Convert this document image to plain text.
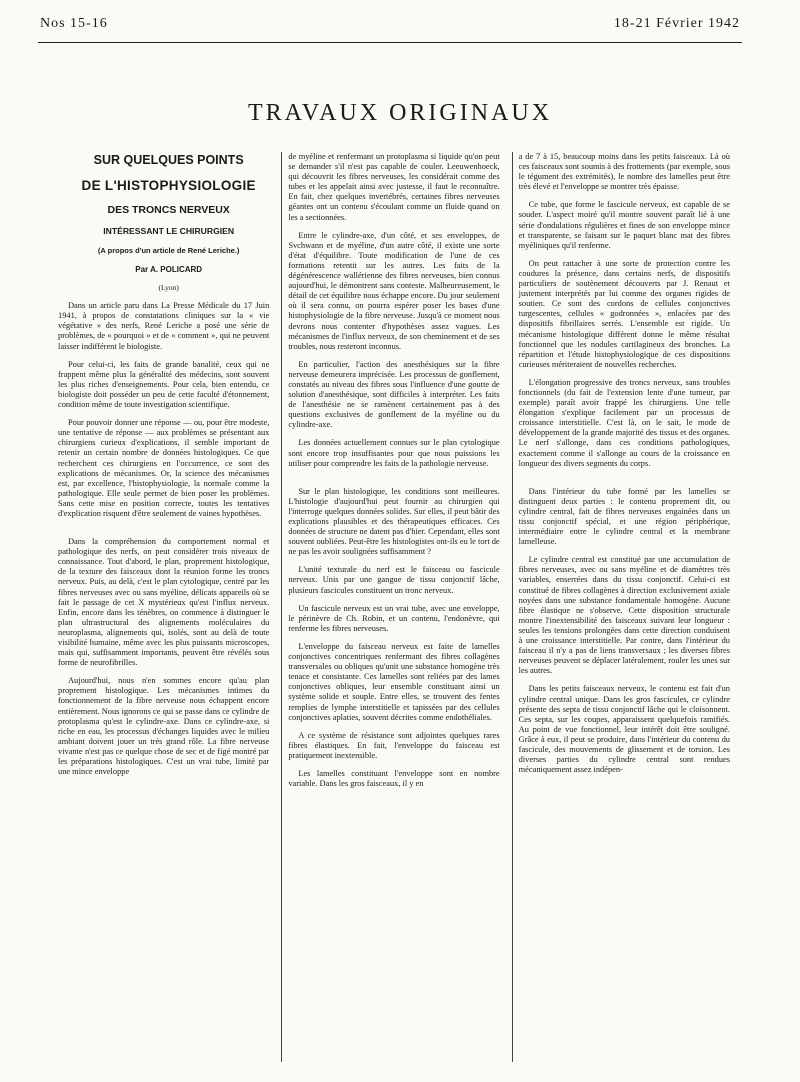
Nos 15-16	18-21 Février 1942
TRAVAUX ORIGINAUX

SUR QUELQUES POINTS

DE L'HISTOPHYSIOLOGIE

DES TRONCS NERVEUX

INTÉRESSANT LE CHIRURGIEN

(A propos d'un article de René Leriche.)

Par A. POLICARD

(Lyon)

Dans un article paru dans La Presse Médicale du 17 Juin 1941, à propos de constatations cliniques sur la « vie végétative » des nerfs, René Leriche a posé une série de problèmes, de « pourquoi » et de « comment », qui ne peuvent laisser indifférent le biologiste.

Pour celui-ci, les faits de grande banalité, ceux qui ne frappent même plus la généralité des médecins, sont souvent les plus riches d'enseignements. Pour cela, bien entendu, ce biologiste doit posséder un peu de cette faculté d'étonnement, condition même de toute investigation scientifique.

Pour pouvoir donner une réponse — ou, pour être modeste, une tentative de réponse — aux problèmes se présentant aux chirurgiens curieux d'explications, il semble important de retenir un certain nombre de données histologiques. Ce que recherchent ces chirurgiens en l'occurrence, ce sont des explications de mécanismes. Or, la science des mécanismes est, par excellence, l'histophysiologie, la normale comme la pathologique. Elle seule permet de bien poser les problèmes. Sans cette mise en position correcte, toutes les tentatives d'explication risquent d'être seulement de vaines hypothèses.

Dans la compréhension du comportement normal et pathologique des nerfs, on peut considérer trois niveaux de connaissance. Tout d'abord, le plan, proprement histologique, de la texture des faisceaux dont la réunion forme les troncs nerveux. Puis, au delà, c'est le plan cytologique, centré par les fibres nerveuses avec ou sans myéline, délicats appareils où se fait le passage de cet X mystérieux qu'est l'influx nerveux. Enfin, encore dans les ténèbres, on commence à distinguer le plan ultrastructural des alignements moléculaires du neuroplasma, alignements qui, isolés, sont au delà de toute visibilité humaine, même avec les plus puissants microscopes, mais qui, suffisamment importants, peuvent être révélés sous forme de neurofibrilles.

Aujourd'hui, nous n'en sommes encore qu'au plan proprement histologique. Les mécanismes intimes du fonctionnement de la fibre nerveuse nous échappent encore entièrement. Nous ignorons ce qui se passe dans ce cylindre de protoplasma qu'est le cylindre-axe. Dans ce cylindre-axe, si riche en eau, les processus d'échanges liquides avec le milieu ambiant doivent jouer un très grand rôle. La fibre nerveuse vivante n'est pas ce quelque chose de sec et de figé montré par les préparations histologiques. C'est un vrai tube, limité par une mince enveloppe

de myéline et renfermant un protoplasma si liquide qu'on peut se demander s'il n'est pas capable de couler. Leeuwenhoeck, qui découvrit les fibres nerveuses, les considérait comme des tubes et les appelait ainsi avec justesse, il faut le reconnaître. En fait, chez quelques invertébrés, certaines fibres nerveuses géantes ont un contenu s'écoulant comme un fluide quand on les a sectionnées.

Entre le cylindre-axe, d'un côté, et ses enveloppes, de Svchwann et de myéline, d'un autre côté, il existe une sorte d'état d'équilibre. Toute modification de l'une de ces formations retentit sur les autres. Les faits de la dégénérescence wallérienne des fibres nerveuses, bien connus aujourd'hui, le démontrent sans conteste. Malheureusement, le détail de cet équilibre nous échappe encore. Du jour seulement où il sera connu, on pourra espérer poser les bases d'une histophysiologie de la fibre nerveuse. Jusqu'à ce moment nous devrons nous contenter d'hypothèses assez vagues. Les mécanismes de l'influx nerveux, de son cheminement et de ses troubles, nous resteront inconnus.

En particulier, l'action des anesthésiques sur la fibre nerveuse demeurera imprécisée. Les processus de gonflement, constatés au niveau des fibres sous l'influence d'une goutte de solution d'anesthésique, sont difficiles à interpréter. Les faits de l'anesthésie ne se ramènent certainement pas à des questions exclusives de gonflement de la myéline ou du cylindre-axe.

Les données actuellement connues sur le plan cytologique sont encore trop insuffisantes pour que nous puissions les utiliser pour comprendre les faits de la pathologie nerveuse.

Sur le plan histologique, les conditions sont meilleures. L'histologie d'aujourd'hui peut fournir au chirurgien qui l'interroge quelques données solides. Sur elles, il peut bâtir des explications plausibles et des thérapeutiques efficaces. Ces données de structure ne datent pas d'hier. Cependant, elles sont souvent oubliées. Peut-être les histologistes ont-ils eu le tort de ne pas les avoir soulignées suffisamment ?

L'unité texturale du nerf est le faisceau ou fascicule nerveux. Unis par une gangue de tissu conjonctif lâche, plusieurs fascicules constituent un tronc nerveux.

Un fascicule nerveux est un vrai tube, avec une enveloppe, le périnèvre de Ch. Robin, et un contenu, l'endonèvre, qui renferme les fibres nerveuses.

L'enveloppe du faisceau nerveux est faite de lamelles conjonctives concentriques renfermant des fibres collagènes transversales ou obliques qu'unit une substance homogène très tenace et consistante. Ces lamelles sont reliées par des lames conjonctives obliques, leur ensemble constituant ainsi un système solide et souple. Entre elles, se trouvent des fentes remplies de lymphe interstitielle et tapissées par des cellules conjonctives aplaties, souvent décrites comme endothéliales.

A ce système de résistance sont adjointes quelques rares fibres élastiques. En fait, l'enveloppe du faisceau est pratiquement inextensible.

Les lamelles constituant l'enveloppe sont en nombre variable. Dans les gros faisceaux, il y en

a de 7 à 15, beaucoup moins dans les petits faisceaux. Là où ces faisceaux sont soumis à des frottements (par exemple, sous le tégument des extrémités), le nombre des lamelles peut être très élevé et l'enveloppe se montrer très épaisse.

Ce tube, que forme le fascicule nerveux, est capable de se souder. L'aspect moiré qu'il montre souvent paraît lié à une série d'ondulations régulières et fines de son enveloppe mince et transparente, se faisant sur le paquet blanc mat des fibres myéliniques qu'il renferme.

On peut rattacher à une sorte de protection contre les coudures la présence, dans certains nerfs, de dispositifs particuliers de soutènement découverts par J. Renaut et justement interprétés par lui comme des organes rigides de soutien. Ce sont des cordons de cellules conjonctives turgescentes, cellules « godronnées », enlacées par des dispositifs fibrillaires serrés. L'ensemble est rigide. Un mécanisme histologique différent donne le même résultat fonctionnel que les nodules cartilagineux des bronches. La répartition et l'étude histophysiologique de ces dispositions curieuses mériteraient de nouvelles recherches.

L'élongation progressive des troncs nerveux, sans troubles fonctionnels (du fait de l'extension lente d'une tumeur, par exemple) paraît avoir frappé les chirurgiens. Une telle élongation s'explique facilement par un processus de croissance interstitielle. C'est là, on le sait, le mode de développement de la grande majorité des tissus et des organes. Le nerf s'allonge, dans ces conditions pathologiques, exactement comme il s'allonge au cours de la croissance en longueur des divers segments du corps.

Dans l'intérieur du tube formé par les lamelles se distinguent deux parties : le contenu proprement dit, ou cylindre central, fait de fibres nerveuses engainées dans un tissu conjonctif spécial, et une région périphérique, intermédiaire entre le cylindre central et la membrane lamelleuse.

Le cylindre central est constitué par une accumulation de fibres nerveuses, avec ou sans myéline et de diamètres très variables, enserrées dans du tissu conjonctif. Celui-ci est constitué de fibres collagènes à direction exclusivement axiale noyées dans une substance fondamentale homogène. Aucune fibre élastique ne s'observe. Cette disposition structurale montre l'inextensibilité des faisceaux suivant leur longueur : seules les tensions prolongées dans cette direction conduisent à une croissance interstitielle. Par contre, dans l'intérieur du faisceau il n'y a pas de liens transversaux ; les diverses fibres nerveuses peuvent se déplacer latéralement, rouler les unes sur les autres.

Dans les petits faisceaux nerveux, le contenu est fait d'un cylindre central unique. Dans les gros fascicules, ce cylindre présente des septa de tissu conjonctif lâche qui le cloisonnent. Ces septa, sur les coupes, apparaissent quelquefois ramifiés. Au point de vue fonctionnel, leur intérêt doit être souligné. Grâce à eux, il peut se produire, dans l'intérieur du contenu du fascicule, des mouvements de glissement et de torsion. Les diverses parties du cylindre central sont rendues mécaniquement assez indépen-
